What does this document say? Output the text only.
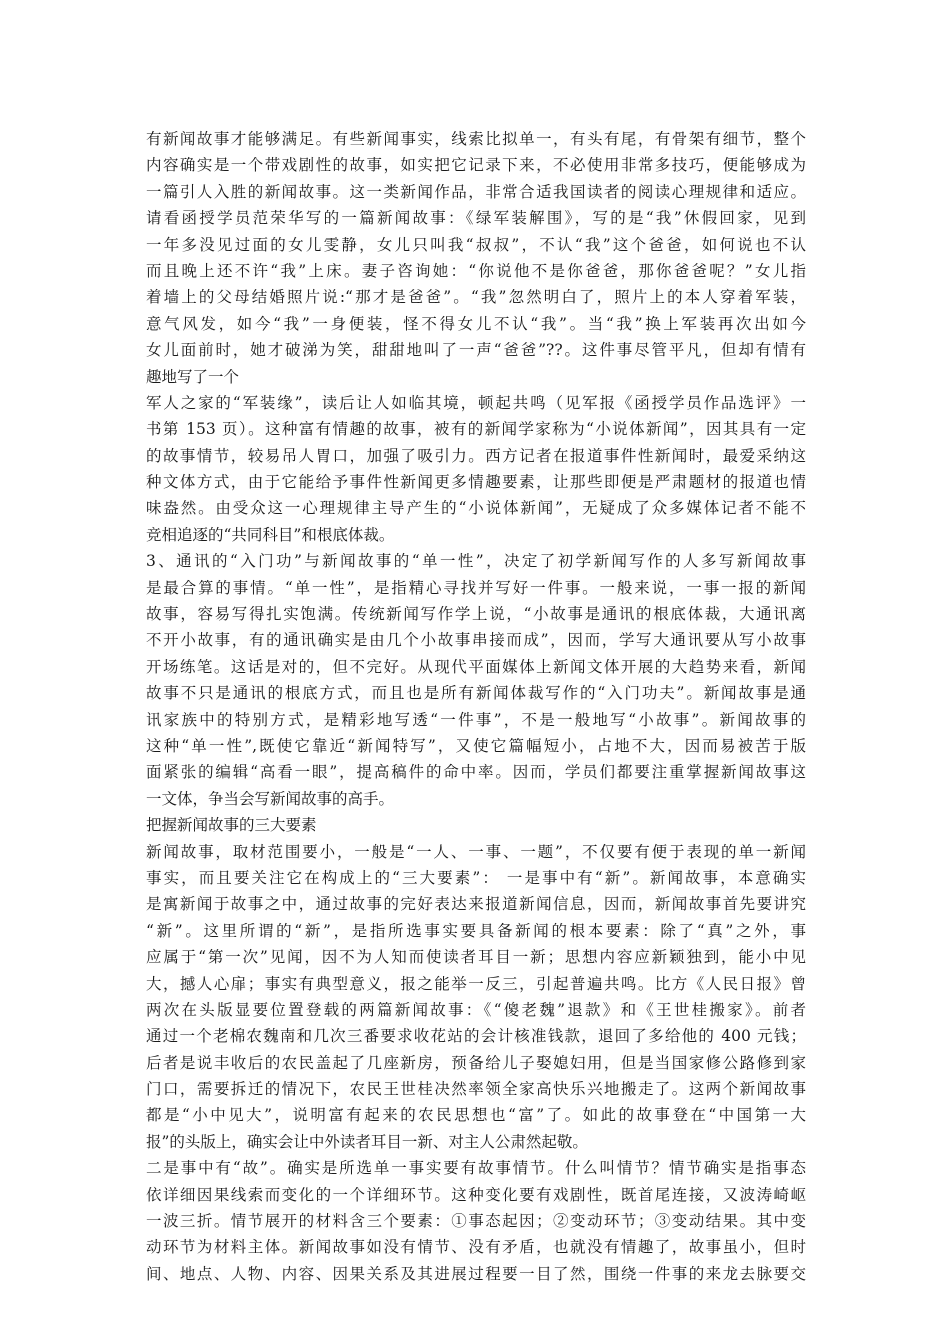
有新闻故事才能够满足。有些新闻事实，线索比拟单一，有头有尾，有骨架有细节，整个
内容确实是一个带戏剧性的故事，如实把它记录下来，不必使用非常多技巧，便能够成为
一篇引人入胜的新闻故事。这一类新闻作品，非常合适我国读者的阅读心理规律和适应。
请看函授学员范荣华写的一篇新闻故事：《绿军装解围》，写的是“我”休假回家，见到
一年多没见过面的女儿雯静，女儿只叫我“叔叔”，不认“我”这个爸爸，如何说也不认
而且晚上还不许“我”上床。妻子咨询她：“你说他不是你爸爸，那你爸爸呢？”女儿指
着墙上的父母结婚照片说:“那才是爸爸”。“我”忽然明白了，照片上的本人穿着军装，
意气风发，如今“我”一身便装，怪不得女儿不认“我”。当“我”换上军装再次出如今
女儿面前时，她才破涕为笑，甜甜地叫了一声“爸爸”??。这件事尽管平凡，但却有情有
趣地写了一个
军人之家的“军装缘”，读后让人如临其境，顿起共鸣（见军报《函授学员作品选评》一
书第 153 页）。这种富有情趣的故事，被有的新闻学家称为“小说体新闻”，因其具有一定
的故事情节，较易吊人胃口，加强了吸引力。西方记者在报道事件性新闻时，最爱采纳这
种文体方式，由于它能给予事件性新闻更多情趣要素，让那些即便是严肃题材的报道也情
味盎然。由受众这一心理规律主导产生的“小说体新闻”，无疑成了众多媒体记者不能不
竞相追逐的“共同科目”和根底体裁。
3、通讯的“入门功”与新闻故事的“单一性”，决定了初学新闻写作的人多写新闻故事
是最合算的事情。“单一性”，是指精心寻找并写好一件事。一般来说，一事一报的新闻
故事，容易写得扎实饱满。传统新闻写作学上说，“小故事是通讯的根底体裁，大通讯离
不开小故事，有的通讯确实是由几个小故事串接而成”，因而，学写大通讯要从写小故事
开场练笔。这话是对的，但不完好。从现代平面媒体上新闻文体开展的大趋势来看，新闻
故事不只是通讯的根底方式，而且也是所有新闻体裁写作的“入门功夫”。新闻故事是通
讯家族中的特别方式，是精彩地写透“一件事”，不是一般地写“小故事”。新闻故事的
这种“单一性”,既使它靠近“新闻特写”，又使它篇幅短小，占地不大，因而易被苦于版
面紧张的编辑“高看一眼”，提高稿件的命中率。因而，学员们都要注重掌握新闻故事这
一文体，争当会写新闻故事的高手。
把握新闻故事的三大要素
新闻故事，取材范围要小，一般是“一人、一事、一题”，不仅要有便于表现的单一新闻
事实，而且要关注它在构成上的“三大要素”： 一是事中有“新”。新闻故事，本意确实
是寓新闻于故事之中，通过故事的完好表达来报道新闻信息，因而，新闻故事首先要讲究
“新”。这里所谓的“新”，是指所选事实要具备新闻的根本要素：除了“真”之外，事
应属于“第一次”见闻，因不为人知而使读者耳目一新；思想内容应新颖独到，能小中见
大，撼人心扉；事实有典型意义，报之能举一反三，引起普遍共鸣。比方《人民日报》曾
两次在头版显要位置登载的两篇新闻故事：《“傻老魏”退款》和《王世桂搬家》。前者
通过一个老棉农魏南和几次三番要求收花站的会计核准钱款，退回了多给他的 400 元钱；
后者是说丰收后的农民盖起了几座新房，预备给儿子娶媳妇用，但是当国家修公路修到家
门口，需要拆迁的情况下，农民王世桂决然率领全家高快乐兴地搬走了。这两个新闻故事
都是“小中见大”，说明富有起来的农民思想也“富”了。如此的故事登在“中国第一大
报”的头版上，确实会让中外读者耳目一新、对主人公肃然起敬。
二是事中有“故”。确实是所选单一事实要有故事情节。什么叫情节？情节确实是指事态
依详细因果线索而变化的一个详细环节。这种变化要有戏剧性，既首尾连接，又波涛崎岖
一波三折。情节展开的材料含三个要素：①事态起因；②变动环节；③变动结果。其中变
动环节为材料主体。新闻故事如没有情节、没有矛盾，也就没有情趣了，故事虽小，但时
间、地点、人物、内容、因果关系及其进展过程要一目了然，围绕一件事的来龙去脉要交
